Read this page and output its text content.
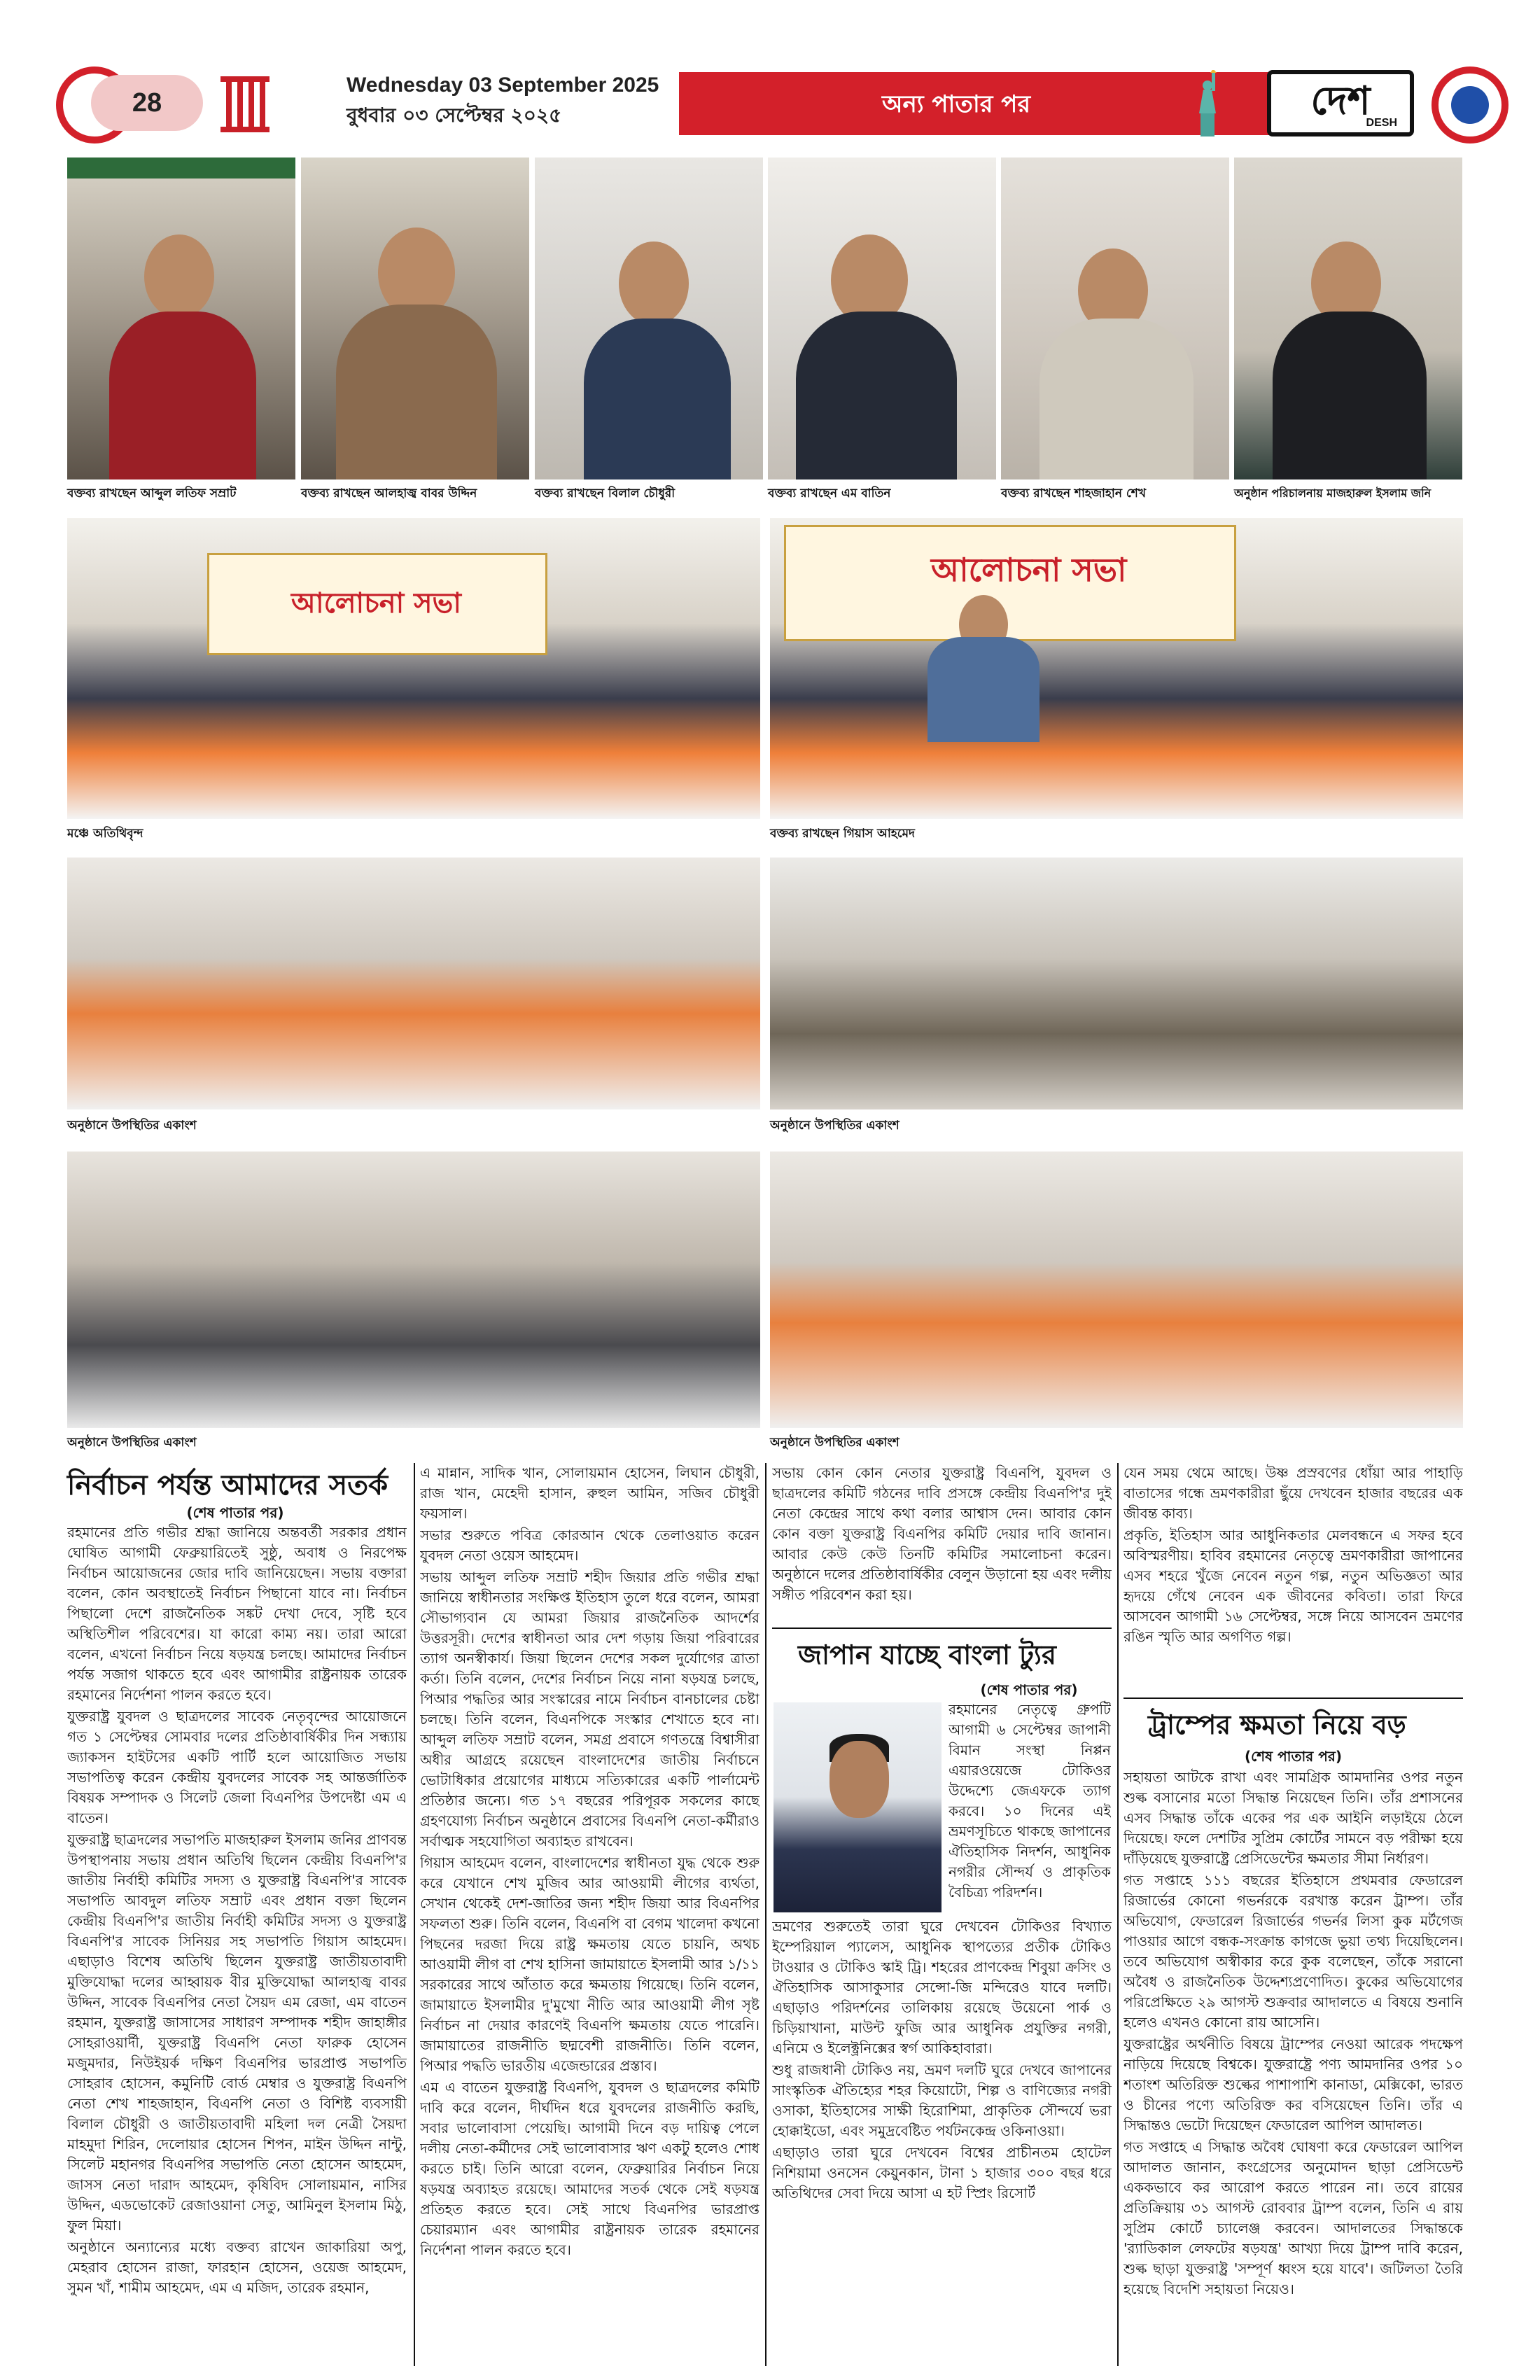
28
Wednesday 03 September 2025
বুধবার ০৩ সেপ্টেম্বর ২০২৫	অন্য পাতার পর	দেশ
DESH
বক্তব্য রাখছেন আব্দুল লতিফ সম্রাট	বক্তব্য রাখছেন আলহাজ্ব বাবর উদ্দিন	বক্তব্য রাখছেন বিলাল চৌধুরী	বক্তব্য রাখছেন এম বাতিন	বক্তব্য রাখছেন শাহজাহান শেখ	অনুষ্ঠান পরিচালনায় মাজহারুল ইসলাম জনি
আলোচনা সভা
আলোচনা সভা
মঞ্চে অতিথিবৃন্দ	বক্তব্য রাখছেন গিয়াস আহমেদ
অনুষ্ঠানে উপস্থিতির একাংশ	অনুষ্ঠানে উপস্থিতির একাংশ
অনুষ্ঠানে উপস্থিতির একাংশ	অনুষ্ঠানে উপস্থিতির একাংশ
নির্বাচন পর্যন্ত আমাদের সতর্ক
(শেষ পাতার পর)

রহমানের প্রতি গভীর শ্রদ্ধা জানিয়ে অন্তবর্তী সরকার প্রধান ঘোষিত আগামী ফেব্রুয়ারিতেই সুষ্ঠু, অবাধ ও নিরপেক্ষ নির্বাচন আয়োজনের জোর দাবি জানিয়েছেন। সভায় বক্তারা বলেন, কোন অবস্থাতেই নির্বাচন পিছানো যাবে না। নির্বাচন পিছালো দেশে রাজনৈতিক সঙ্কট দেখা দেবে, সৃষ্টি হবে অস্থিতিশীল পরিবেশের। যা কারো কাম্য নয়। তারা আরো বলেন, এখনো নির্বাচন নিয়ে ষড়যন্ত্র চলছে। আমাদের নির্বাচন পর্যন্ত সজাগ থাকতে হবে এবং আগামীর রাষ্ট্রনায়ক তারেক রহমানের নির্দেশনা পালন করতে হবে।

যুক্তরাষ্ট্র যুবদল ও ছাত্রদলের সাবেক নেতৃবৃন্দের আয়োজনে গত ১ সেপ্টেম্বর সোমবার দলের প্রতিষ্ঠাবার্ষিকীর দিন সন্ধ্যায় জ্যাকসন হাইটসের একটি পার্টি হলে আয়োজিত সভায় সভাপতিত্ব করেন কেন্দ্রীয় যুবদলের সাবেক সহ আন্তর্জাতিক বিষয়ক সম্পাদক ও সিলেট জেলা বিএনপির উপদেষ্টা এম এ বাতেন।

যুক্তরাষ্ট্র ছাত্রদলের সভাপতি মাজহারুল ইসলাম জনির প্রাণবন্ত উপস্থাপনায় সভায় প্রধান অতিথি ছিলেন কেন্দ্রীয় বিএনপি'র জাতীয় নির্বাহী কমিটির সদস্য ও যুক্তরাষ্ট্র বিএনপি'র সাবেক সভাপতি আবদুল লতিফ সম্রাট এবং প্রধান বক্তা ছিলেন কেন্দ্রীয় বিএনপি'র জাতীয় নির্বাহী কমিটির সদস্য ও যুক্তরাষ্ট্র বিএনপি'র সাবেক সিনিয়র সহ সভাপতি গিয়াস আহমেদ। এছাড়াও বিশেষ অতিথি ছিলেন যুক্তরাষ্ট্র জাতীয়তাবাদী মুক্তিযোদ্ধা দলের আহ্বায়ক বীর মুক্তিযোদ্ধা আলহাজ্ব বাবর উদ্দিন, সাবেক বিএনপির নেতা সৈয়দ এম রেজা, এম বাতেন রহমান, যুক্তরাষ্ট্র জাসাসের সাধারণ সম্পাদক শহীদ জাহাঙ্গীর সোহরাওয়ার্দী, যুক্তরাষ্ট্র বিএনপি নেতা ফারুক হোসেন মজুমদার, নিউইয়র্ক দক্ষিণ বিএনপির ভারপ্রাপ্ত সভাপতি সোহরাব হোসেন, কমুনিটি বোর্ড মেম্বার ও যুক্তরাষ্ট্র বিএনপি নেতা শেখ শাহজাহান, বিএনপি নেতা ও বিশিষ্ট ব্যবসায়ী বিলাল চৌধুরী ও জাতীয়তাবাদী মহিলা দল নেত্রী সৈয়দা মাহমুদা শিরিন, দেলোয়ার হোসেন শিপন, মাইন উদ্দিন নান্টু, সিলেট মহানগর বিএনপির সভাপতি নেতা হোসেন আহমেদ, জাসস নেতা দারাদ আহমেদ, কৃষিবিদ সোলায়মান, নাসির উদ্দিন, এডভোকেট রেজাওয়ানা সেতু, আমিনুল ইসলাম মিঠু, ফুল মিয়া।

অনুষ্ঠানে অন্যান্যের মধ্যে বক্তব্য রাখেন জাকারিয়া অপু, মেহরাব হোসেন রাজা, ফারহান হোসেন, ওয়েজ আহমেদ, সুমন খাঁ, শামীম আহমেদ, এম এ মজিদ, তারেক রহমান,

এ মান্নান, সাদিক খান, সোলায়মান হোসেন, লিঘান চৌধুরী, রাজ খান, মেহেদী হাসান, রুহুল আমিন, সজিব চৌধুরী ফয়সাল।

সভার শুরুতে পবিত্র কোরআন থেকে তেলাওয়াত করেন যুবদল নেতা ওয়েস আহমেদ।

সভায় আব্দুল লতিফ সম্রাট শহীদ জিয়ার প্রতি গভীর শ্রদ্ধা জানিয়ে স্বাধীনতার সংক্ষিপ্ত ইতিহাস তুলে ধরে বলেন, আমরা সৌভাগ্যবান যে আমরা জিয়ার রাজনৈতিক আদর্শের উত্তরসূরী। দেশের স্বাধীনতা আর দেশ গড়ায় জিয়া পরিবারের ত্যাগ অনস্বীকার্য। জিয়া ছিলেন দেশের সকল দুর্যোগের ত্রাতা কর্তা। তিনি বলেন, দেশের নির্বাচন নিয়ে নানা ষড়যন্ত্র চলছে, পিআর পদ্ধতির আর সংস্কারের নামে নির্বাচন বানচালের চেষ্টা চলছে। তিনি বলেন, বিএনপিকে সংস্কার শেখাতে হবে না। আব্দুল লতিফ সম্রাট বলেন, সমগ্র প্রবাসে গণতন্ত্রে বিশ্বাসীরা অধীর আগ্রহে রয়েছেন বাংলাদেশের জাতীয় নির্বাচনে ভোটাধিকার প্রয়োগের মাধ্যমে সত্যিকারের একটি পার্লামেন্ট প্রতিষ্ঠার জন্যে। গত ১৭ বছরের পরিপূরক সকলের কাছে গ্রহণযোগ্য নির্বাচন অনুষ্ঠানে প্রবাসের বিএনপি নেতা-কর্মীরাও সর্বাত্মক সহযোগিতা অব্যাহত রাখবেন।

গিয়াস আহমেদ বলেন, বাংলাদেশের স্বাধীনতা যুদ্ধ থেকে শুরু করে যেখানে শেখ মুজিব আর আওয়ামী লীগের ব্যর্থতা, সেখান থেকেই দেশ-জাতির জন্য শহীদ জিয়া আর বিএনপির সফলতা শুরু। তিনি বলেন, বিএনপি বা বেগম খালেদা কখনো পিছনের দরজা দিয়ে রাষ্ট্র ক্ষমতায় যেতে চায়নি, অথচ আওয়ামী লীগ বা শেখ হাসিনা জামায়াতে ইসলামী আর ১/১১ সরকারের সাথে আঁতাত করে ক্ষমতায় গিয়েছে। তিনি বলেন, জামায়াতে ইসলামীর দু'মুখো নীতি আর আওয়ামী লীগ সৃষ্ট নির্বাচন না দেয়ার কারণেই বিএনপি ক্ষমতায় যেতে পারেনি। জামায়াতের রাজনীতি ছদ্মবেশী রাজনীতি। তিনি বলেন, পিআর পদ্ধতি ভারতীয় এজেন্ডারের প্রস্তাব।

এম এ বাতেন যুক্তরাষ্ট্র বিএনপি, যুবদল ও ছাত্রদলের কমিটি দাবি করে বলেন, দীর্ঘদিন ধরে যুবদলের রাজনীতি করছি, সবার ভালোবাসা পেয়েছি। আগামী দিনে বড় দায়িত্ব পেলে দলীয় নেতা-কর্মীদের সেই ভালোবাসার ঋণ একটু হলেও শোধ করতে চাই। তিনি আরো বলেন, ফেব্রুয়ারির নির্বাচন নিয়ে ষড়যন্ত্র অব্যাহত রয়েছে। আমাদের সতর্ক থেকে সেই ষড়যন্ত্র প্রতিহত করতে হবে। সেই সাথে বিএনপির ভারপ্রাপ্ত চেয়ারম্যান এবং আগামীর রাষ্ট্রনায়ক তারেক রহমানের নির্দেশনা পালন করতে হবে।

সভায় কোন কোন নেতার যুক্তরাষ্ট্র বিএনপি, যুবদল ও ছাত্রদলের কমিটি গঠনের দাবি প্রসঙ্গে কেন্দ্রীয় বিএনপি'র দুই নেতা কেন্দ্রের সাথে কথা বলার আশ্বাস দেন। আবার কোন কোন বক্তা যুক্তরাষ্ট্র বিএনপির কমিটি দেয়ার দাবি জানান। আবার কেউ কেউ তিনটি কমিটির সমালোচনা করেন। অনুষ্ঠানে দলের প্রতিষ্ঠাবার্ষিকীর বেলুন উড়ানো হয় এবং দলীয় সঙ্গীত পরিবেশন করা হয়।

জাপান যাচ্ছে বাংলা ট্যুর
(শেষ পাতার পর)
রহমানের নেতৃত্বে গ্রুপটি আগামী ৬ সেপ্টেম্বর জাপানী বিমান সংস্থা নিপ্পন এয়ারওয়েজে টোকিওর উদ্দেশ্যে জেএফকে ত্যাগ করবে। ১০ দিনের এই ভ্রমণসূচিতে থাকছে জাপানের ঐতিহাসিক নিদর্শন, আধুনিক নগরীর সৌন্দর্য ও প্রাকৃতিক বৈচিত্র্য পরিদর্শন।

ভ্রমণের শুরুতেই তারা ঘুরে দেখবেন টোকিওর বিখ্যাত ইম্পেরিয়াল প্যালেস, আধুনিক স্থাপত্যের প্রতীক টোকিও টাওয়ার ও টোকিও স্কাই ট্রি। শহরের প্রাণকেন্দ্র শিবুয়া ক্রসিং ও ঐতিহাসিক আসাকুসার সেন্সো-জি মন্দিরেও যাবে দলটি। এছাড়াও পরিদর্শনের তালিকায় রয়েছে উয়েনো পার্ক ও চিড়িয়াখানা, মাউন্ট ফুজি আর আধুনিক প্রযুক্তির নগরী, এনিমে ও ইলেক্ট্রনিক্সের স্বর্গ আকিহাবারা।

শুধু রাজধানী টোকিও নয়, ভ্রমণ দলটি ঘুরে দেখবে জাপানের সাংস্কৃতিক ঐতিহ্যের শহর কিয়োটো, শিল্প ও বাণিজ্যের নগরী ওসাকা, ইতিহাসের সাক্ষী হিরোশিমা, প্রাকৃতিক সৌন্দর্যে ভরা হোক্কাইডো, এবং সমুদ্রবেষ্টিত পর্যটনকেন্দ্র ওকিনাওয়া।

এছাড়াও তারা ঘুরে দেখবেন বিশ্বের প্রাচীনতম হোটেল নিশিয়ামা ওনসেন কেয়ুনকান, টানা ১ হাজার ৩০০ বছর ধরে অতিথিদের সেবা দিয়ে আসা এ হট স্প্রিং রিসোর্ট

যেন সময় থেমে আছে। উষ্ণ প্রস্রবণের ধোঁয়া আর পাহাড়ি বাতাসের গন্ধে ভ্রমণকারীরা ছুঁয়ে দেখবেন হাজার বছরের এক জীবন্ত কাব্য।

প্রকৃতি, ইতিহাস আর আধুনিকতার মেলবন্ধনে এ সফর হবে অবিস্মরণীয়। হাবিব রহমানের নেতৃত্বে ভ্রমণকারীরা জাপানের এসব শহরে খুঁজে নেবেন নতুন গল্প, নতুন অভিজ্ঞতা আর হৃদয়ে গেঁথে নেবেন এক জীবনের কবিতা। তারা ফিরে আসবেন আগামী ১৬ সেপ্টেম্বর, সঙ্গে নিয়ে আসবেন ভ্রমণের রঙিন স্মৃতি আর অগণিত গল্প।

ট্রাম্পের ক্ষমতা নিয়ে বড়
(শেষ পাতার পর)

সহায়তা আটকে রাখা এবং সামগ্রিক আমদানির ওপর নতুন শুল্ক বসানোর মতো সিদ্ধান্ত নিয়েছেন তিনি। তাঁর প্রশাসনের এসব সিদ্ধান্ত তাঁকে একের পর এক আইনি লড়াইয়ে ঠেলে দিয়েছে। ফলে দেশটির সুপ্রিম কোর্টের সামনে বড় পরীক্ষা হয়ে দাঁড়িয়েছে যুক্তরাষ্ট্রে প্রেসিডেন্টের ক্ষমতার সীমা নির্ধারণ।

গত সপ্তাহে ১১১ বছরের ইতিহাসে প্রথমবার ফেডারেল রিজার্ভের কোনো গভর্নরকে বরখাস্ত করেন ট্রাম্প। তাঁর অভিযোগ, ফেডারেল রিজার্ভের গভর্নর লিসা কুক মর্টগেজ পাওয়ার আগে বন্ধক-সংক্রান্ত কাগজে ভুয়া তথ্য দিয়েছিলেন। তবে অভিযোগ অস্বীকার করে কুক বলেছেন, তাঁকে সরানো অবৈধ ও রাজনৈতিক উদ্দেশ্যপ্রণোদিত। কুকের অভিযোগের পরিপ্রেক্ষিতে ২৯ আগস্ট শুক্রবার আদালতে এ বিষয়ে শুনানি হলেও এখনও কোনো রায় আসেনি।

যুক্তরাষ্ট্রের অর্থনীতি বিষয়ে ট্রাম্পের নেওয়া আরেক পদক্ষেপ নাড়িয়ে দিয়েছে বিশ্বকে। যুক্তরাষ্ট্রে পণ্য আমদানির ওপর ১০ শতাংশ অতিরিক্ত শুল্কের পাশাপাশি কানাডা, মেক্সিকো, ভারত ও চীনের পণ্যে অতিরিক্ত কর বসিয়েছেন তিনি। তাঁর এ সিদ্ধান্তও ভেটো দিয়েছেন ফেডারেল আপিল আদালত।

গত সপ্তাহে এ সিদ্ধান্ত অবৈধ ঘোষণা করে ফেডারেল আপিল আদালত জানান, কংগ্রেসের অনুমোদন ছাড়া প্রেসিডেন্ট এককভাবে কর আরোপ করতে পারেন না। তবে রায়ের প্রতিক্রিয়ায় ৩১ আগস্ট রোববার ট্রাম্প বলেন, তিনি এ রায় সুপ্রিম কোর্টে চ্যালেঞ্জ করবেন। আদালতের সিদ্ধান্তকে 'র‍্যাডিকাল লেফটের ষড়যন্ত্র' আখ্যা দিয়ে ট্রাম্প দাবি করেন, শুল্ক ছাড়া যুক্তরাষ্ট্র 'সম্পূর্ণ ধ্বংস হয়ে যাবে'। জটিলতা তৈরি হয়েছে বিদেশি সহায়তা নিয়েও।
